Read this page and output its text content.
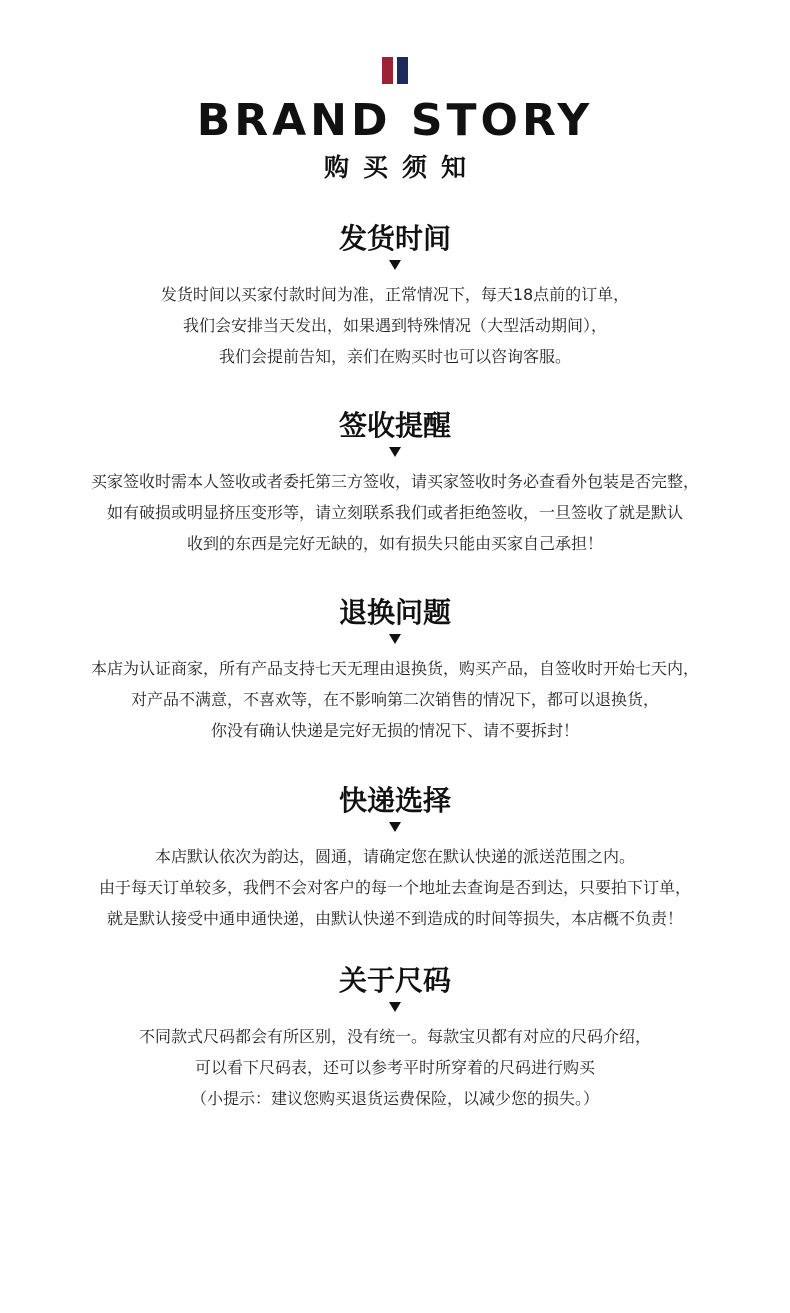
BRAND STORY
购买须知
发货时间
发货时间以买家付款时间为准，正常情况下，每天18点前的订单，
我们会安排当天发出，如果遇到特殊情况（大型活动期间），
我们会提前告知，亲们在购买时也可以咨询客服。
签收提醒
买家签收时需本人签收或者委托第三方签收，请买家签收时务必查看外包装是否完整，
如有破损或明显挤压变形等，请立刻联系我们或者拒绝签收，一旦签收了就是默认
收到的东西是完好无缺的，如有损失只能由买家自己承担！
退换问题
本店为认证商家，所有产品支持七天无理由退换货，购买产品，自签收时开始七天内，
对产品不满意，不喜欢等，在不影响第二次销售的情况下，都可以退换货，
你没有确认快递是完好无损的情况下、请不要拆封！
快递选择
本店默认依次为韵达，圆通，请确定您在默认快递的派送范围之内。
由于每天订单较多，我們不会对客户的每一个地址去查询是否到达，只要拍下订单，
就是默认接受中通申通快递，由默认快递不到造成的时间等损失，本店概不负责！
关于尺码
不同款式尺码都会有所区别，没有统一。每款宝贝都有对应的尺码介绍，
可以看下尺码表，还可以参考平时所穿着的尺码进行购买
（小提示：建议您购买退货运费保险，以减少您的损失。）
